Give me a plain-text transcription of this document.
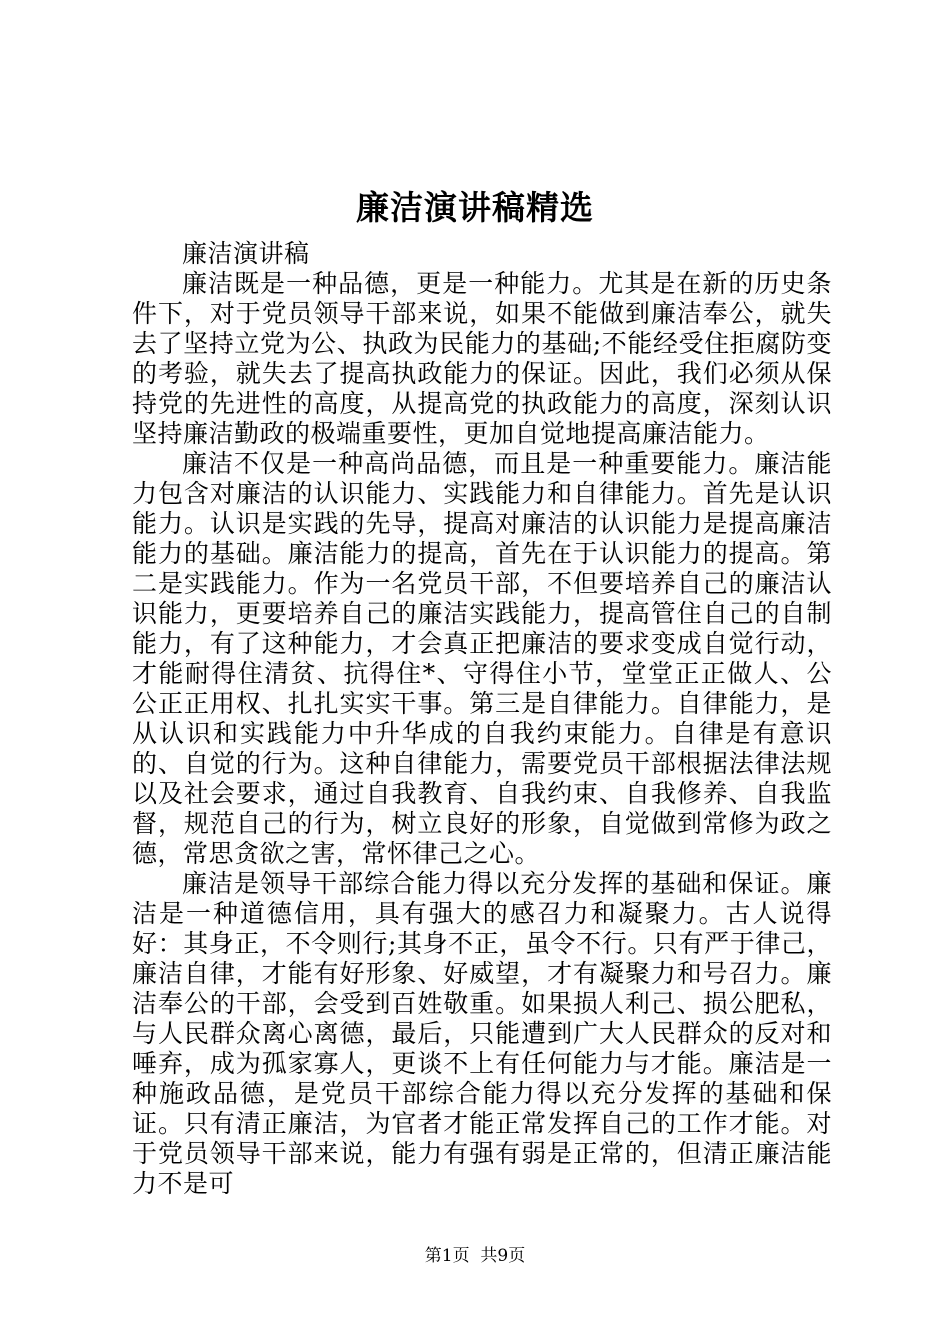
廉洁演讲稿精选

廉洁演讲稿

廉洁既是一种品德，更是一种能力。尤其是在新的历史条件下，对于党员领导干部来说，如果不能做到廉洁奉公，就失去了坚持立党为公、执政为民能力的基础;不能经受住拒腐防变的考验，就失去了提高执政能力的保证。因此，我们必须从保持党的先进性的高度，从提高党的执政能力的高度，深刻认识坚持廉洁勤政的极端重要性，更加自觉地提高廉洁能力。

廉洁不仅是一种高尚品德，而且是一种重要能力。廉洁能力包含对廉洁的认识能力、实践能力和自律能力。首先是认识能力。认识是实践的先导，提高对廉洁的认识能力是提高廉洁能力的基础。廉洁能力的提高，首先在于认识能力的提高。第二是实践能力。作为一名党员干部，不但要培养自己的廉洁认识能力，更要培养自己的廉洁实践能力，提高管住自己的自制能力，有了这种能力，才会真正把廉洁的要求变成自觉行动，才能耐得住清贫、抗得住*、守得住小节，堂堂正正做人、公公正正用权、扎扎实实干事。第三是自律能力。自律能力，是从认识和实践能力中升华成的自我约束能力。自律是有意识的、自觉的行为。这种自律能力，需要党员干部根据法律法规以及社会要求，通过自我教育、自我约束、自我修养、自我监督，规范自己的行为，树立良好的形象，自觉做到常修为政之德，常思贪欲之害，常怀律己之心。

廉洁是领导干部综合能力得以充分发挥的基础和保证。廉洁是一种道德信用，具有强大的感召力和凝聚力。古人说得好：其身正，不令则行;其身不正，虽令不行。只有严于律己，廉洁自律，才能有好形象、好威望，才有凝聚力和号召力。廉洁奉公的干部，会受到百姓敬重。如果损人利己、损公肥私，与人民群众离心离德，最后，只能遭到广大人民群众的反对和唾弃，成为孤家寡人，更谈不上有任何能力与才能。廉洁是一种施政品德，是党员干部综合能力得以充分发挥的基础和保证。只有清正廉洁，为官者才能正常发挥自己的工作才能。对于党员领导干部来说，能力有强有弱是正常的，但清正廉洁能力不是可

第1页  共9页
